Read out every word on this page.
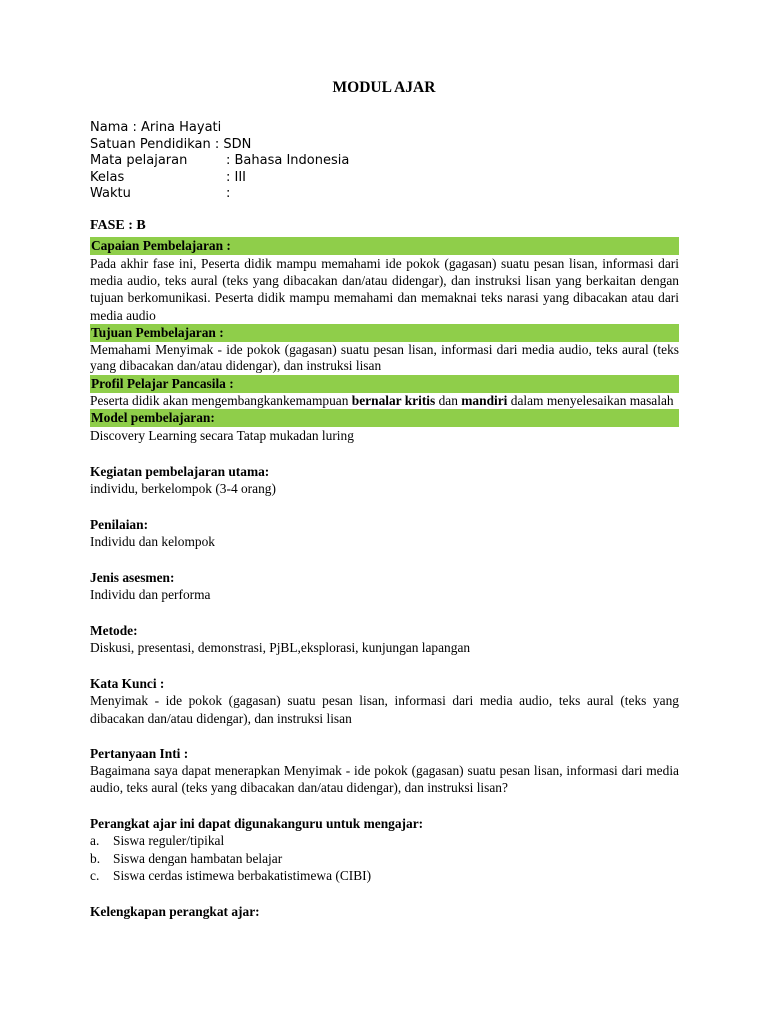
MODUL AJAR
Nama : Arina Hayati
Satuan Pendidikan : SDN
Mata pelajaran	: Bahasa Indonesia
Kelas	: III
Waktu	:
FASE : B
Capaian Pembelajaran :

Pada akhir fase ini, Peserta didik mampu memahami ide pokok (gagasan) suatu pesan lisan, informasi dari media audio, teks aural (teks yang dibacakan dan/atau didengar), dan instruksi lisan yang berkaitan dengan tujuan berkomunikasi. Peserta didik mampu memahami dan memaknai teks narasi yang dibacakan atau dari media audio

Tujuan Pembelajaran :

Memahami Menyimak - ide pokok (gagasan) suatu pesan lisan, informasi dari media audio, teks aural (teks yang dibacakan dan/atau didengar), dan instruksi lisan

Profil Pelajar Pancasila :

Peserta didik akan mengembangkankemampuan bernalar kritis dan mandiri dalam menyelesaikan masalah

Model pembelajaran:
Discovery Learning secara Tatap mukadan luring
Kegiatan pembelajaran utama:
individu, berkelompok (3-4 orang)
Penilaian:
Individu dan kelompok
Jenis asesmen:
Individu dan performa
Metode:
Diskusi, presentasi, demonstrasi, PjBL,eksplorasi, kunjungan lapangan
Kata Kunci :

Menyimak - ide pokok (gagasan) suatu pesan lisan, informasi dari media audio, teks aural (teks yang dibacakan dan/atau didengar), dan instruksi lisan

Pertanyaan Inti :

Bagaimana saya dapat menerapkan Menyimak - ide pokok (gagasan) suatu pesan lisan, informasi dari media audio, teks aural (teks yang dibacakan dan/atau didengar), dan instruksi lisan?

Perangkat ajar ini dapat digunakanguru untuk mengajar:
a.	Siswa reguler/tipikal
b. Siswa dengan hambatan belajar
c.	Siswa cerdas istimewa berbakatistimewa (CIBI)
Kelengkapan perangkat ajar:
